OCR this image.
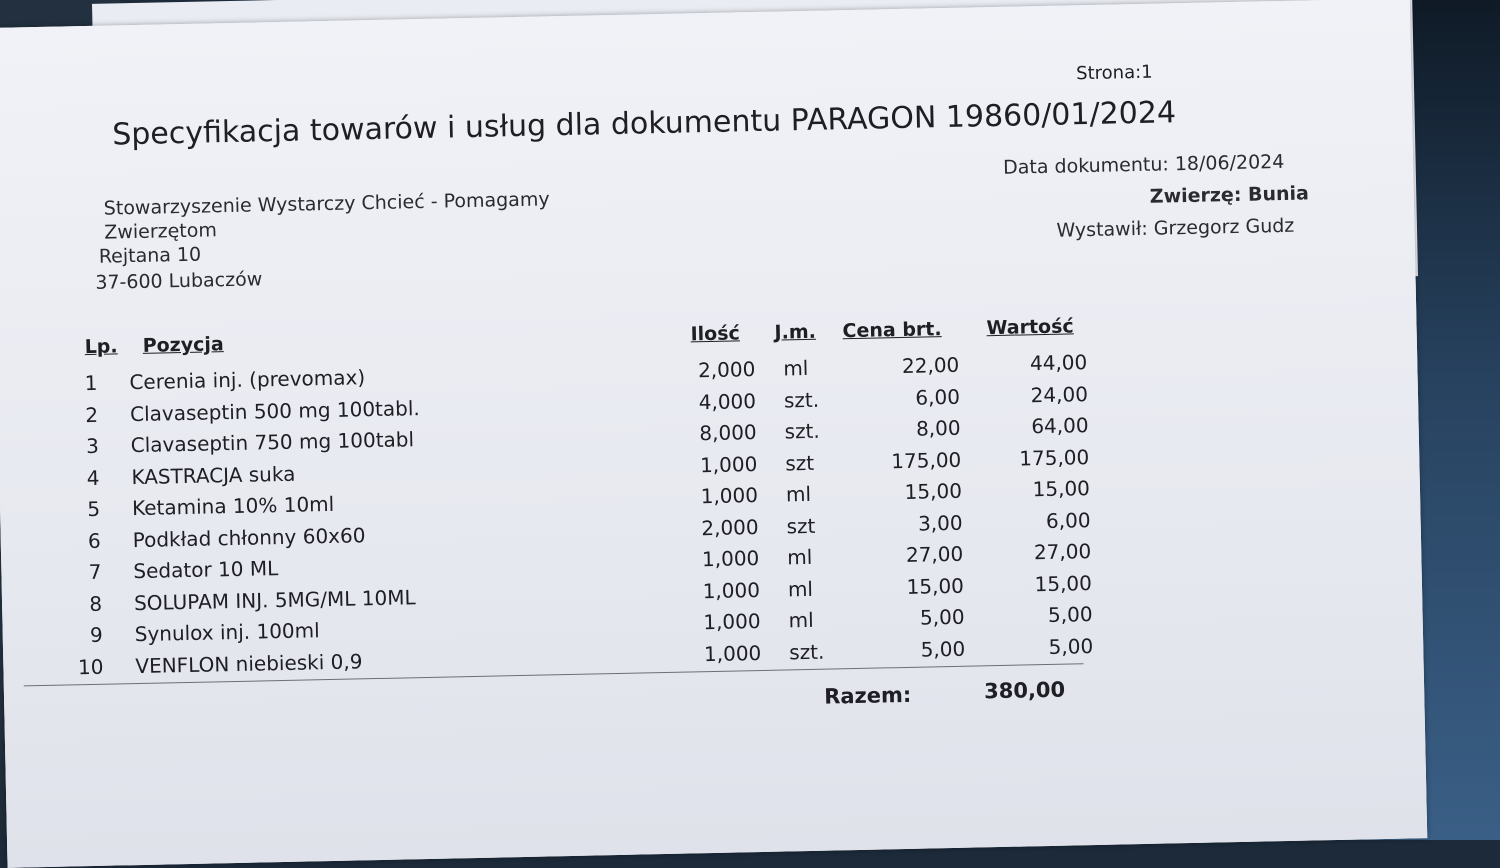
Strona:1
Specyfikacja towarów i usług dla dokumentu PARAGON 19860/01/2024
Stowarzyszenie Wystarczy Chcieć - Pomagamy
Zwierzętom
Rejtana 10
37-600 Lubaczów
Data dokumentu: 18/06/2024
Zwierzę: Bunia
Wystawił: Grzegorz Gudz
Lp. Pozycja	Ilość J.m. Cena brt. Wartość
1 Cerenia inj. (prevomax)	2,000 ml	22,00	44,00
2 Clavaseptin 500 mg 100tabl.	4,000 szt.	6,00	24,00
3 Clavaseptin 750 mg 100tabl	8,000 szt.	8,00	64,00
4 KASTRACJA suka	1,000 szt	175,00	175,00
5 Ketamina 10% 10ml	1,000 ml	15,00	15,00
6 Podkład chłonny 60x60	2,000 szt	3,00	6,00
7 Sedator 10 ML	1,000 ml	27,00	27,00
8 SOLUPAM INJ. 5MG/ML 10ML	1,000 ml	15,00	15,00
9 Synulox inj. 100ml	1,000 ml	5,00	5,00
10 VENFLON niebieski 0,9	1,000 szt.	5,00	5,00
Razem:	380,00
